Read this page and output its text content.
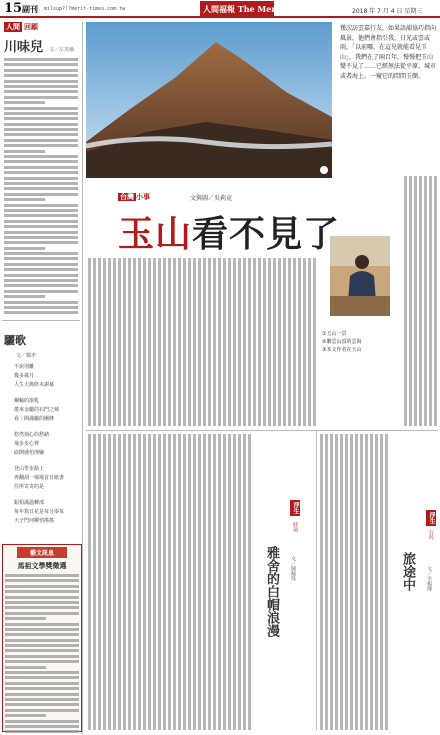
15 副刊 milsup?!?merit-times.com.tw	人間福報 The Merit Times	2018 年 7 月 4 日 星期三
人間 回顧
川味兒 文／左芙瑜
驪歌
文／鄭率
不說別離
幾多歲月
人生大典終未謝幕
鋼輪的滾軋
捲來金屬的石門之城
看｜開滿屬的團條
悠然刻心的愁緒
飛步步心裡
砍開感怕理嫌
登山學步路上
再翻刮一場場首日紙書
住所寄寄的是
鋁相滿溫轉部
每年寫日花是每分零每
天子門河柳悄搖搖
藝文訊息
馬祖文學獎徵選
幾次訪雲嘉行友，如果語韻協巧指向風景，他們會指引我，日光或雲或雨，「以前哪，在這兒就能看見玉山」，我們在了兩百年，慢慢把玉山變不見了……已經無法從平原、城市或者海上，一窺它的問問玉顏。
①玉山一景
②聯雲山頂的雲海
③本文作者在玉山
台灣 小事	文與圖／吳莉竟
玉山看不見了
浮生
時刻
雅舍的白帽浪漫	文／陳佩珠
浮生
行吟
旅途中	文／余楊傳
